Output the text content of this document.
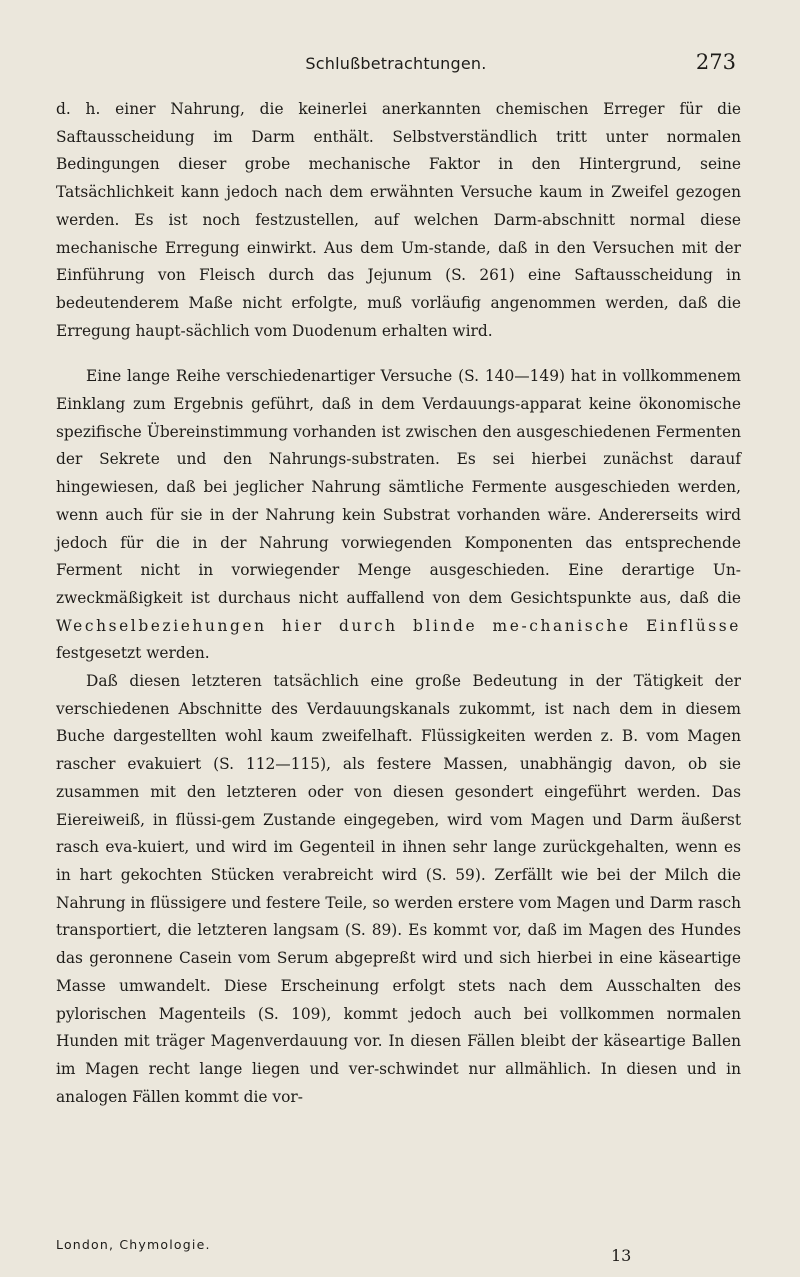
Schlußbetrachtungen.	273

d. h. einer Nahrung, die keinerlei anerkannten chemischen Erreger für die Saftausscheidung im Darm enthält. Selbstverständlich tritt unter normalen Bedingungen dieser grobe mechanische Faktor in den Hintergrund, seine Tatsächlichkeit kann jedoch nach dem erwähnten Versuche kaum in Zweifel gezogen werden. Es ist noch festzustellen, auf welchen Darm-abschnitt normal diese mechanische Erregung einwirkt. Aus dem Um-stande, daß in den Versuchen mit der Einführung von Fleisch durch das Jejunum (S. 261) eine Saftausscheidung in bedeutenderem Maße nicht erfolgte, muß vorläufig angenommen werden, daß die Erregung haupt-sächlich vom Duodenum erhalten wird.

Eine lange Reihe verschiedenartiger Versuche (S. 140—149) hat in vollkommenem Einklang zum Ergebnis geführt, daß in dem Verdauungs-apparat keine ökonomische spezifische Übereinstimmung vorhanden ist zwischen den ausgeschiedenen Fermenten der Sekrete und den Nahrungs-substraten. Es sei hierbei zunächst darauf hingewiesen, daß bei jeglicher Nahrung sämtliche Fermente ausgeschieden werden, wenn auch für sie in der Nahrung kein Substrat vorhanden wäre. Andererseits wird jedoch für die in der Nahrung vorwiegenden Komponenten das entsprechende Ferment nicht in vorwiegender Menge ausgeschieden. Eine derartige Un-zweckmäßigkeit ist durchaus nicht auffallend von dem Gesichtspunkte aus, daß die Wechselbeziehungen hier durch blinde me-chanische Einflüsse festgesetzt werden.

Daß diesen letzteren tatsächlich eine große Bedeutung in der Tätigkeit der verschiedenen Abschnitte des Verdauungskanals zukommt, ist nach dem in diesem Buche dargestellten wohl kaum zweifelhaft. Flüssigkeiten werden z. B. vom Magen rascher evakuiert (S. 112—115), als festere Massen, unabhängig davon, ob sie zusammen mit den letzteren oder von diesen gesondert eingeführt werden. Das Eiereiweiß, in flüssi-gem Zustande eingegeben, wird vom Magen und Darm äußerst rasch eva-kuiert, und wird im Gegenteil in ihnen sehr lange zurückgehalten, wenn es in hart gekochten Stücken verabreicht wird (S. 59). Zerfällt wie bei der Milch die Nahrung in flüssigere und festere Teile, so werden erstere vom Magen und Darm rasch transportiert, die letzteren langsam (S. 89). Es kommt vor, daß im Magen des Hundes das geronnene Casein vom Serum abgepreßt wird und sich hierbei in eine käseartige Masse umwandelt. Diese Erscheinung erfolgt stets nach dem Ausschalten des pylorischen Magenteils (S. 109), kommt jedoch auch bei vollkommen normalen Hunden mit träger Magenverdauung vor. In diesen Fällen bleibt der käseartige Ballen im Magen recht lange liegen und ver-schwindet nur allmählich. In diesen und in analogen Fällen kommt die vor-

London, Chymologie.
13
